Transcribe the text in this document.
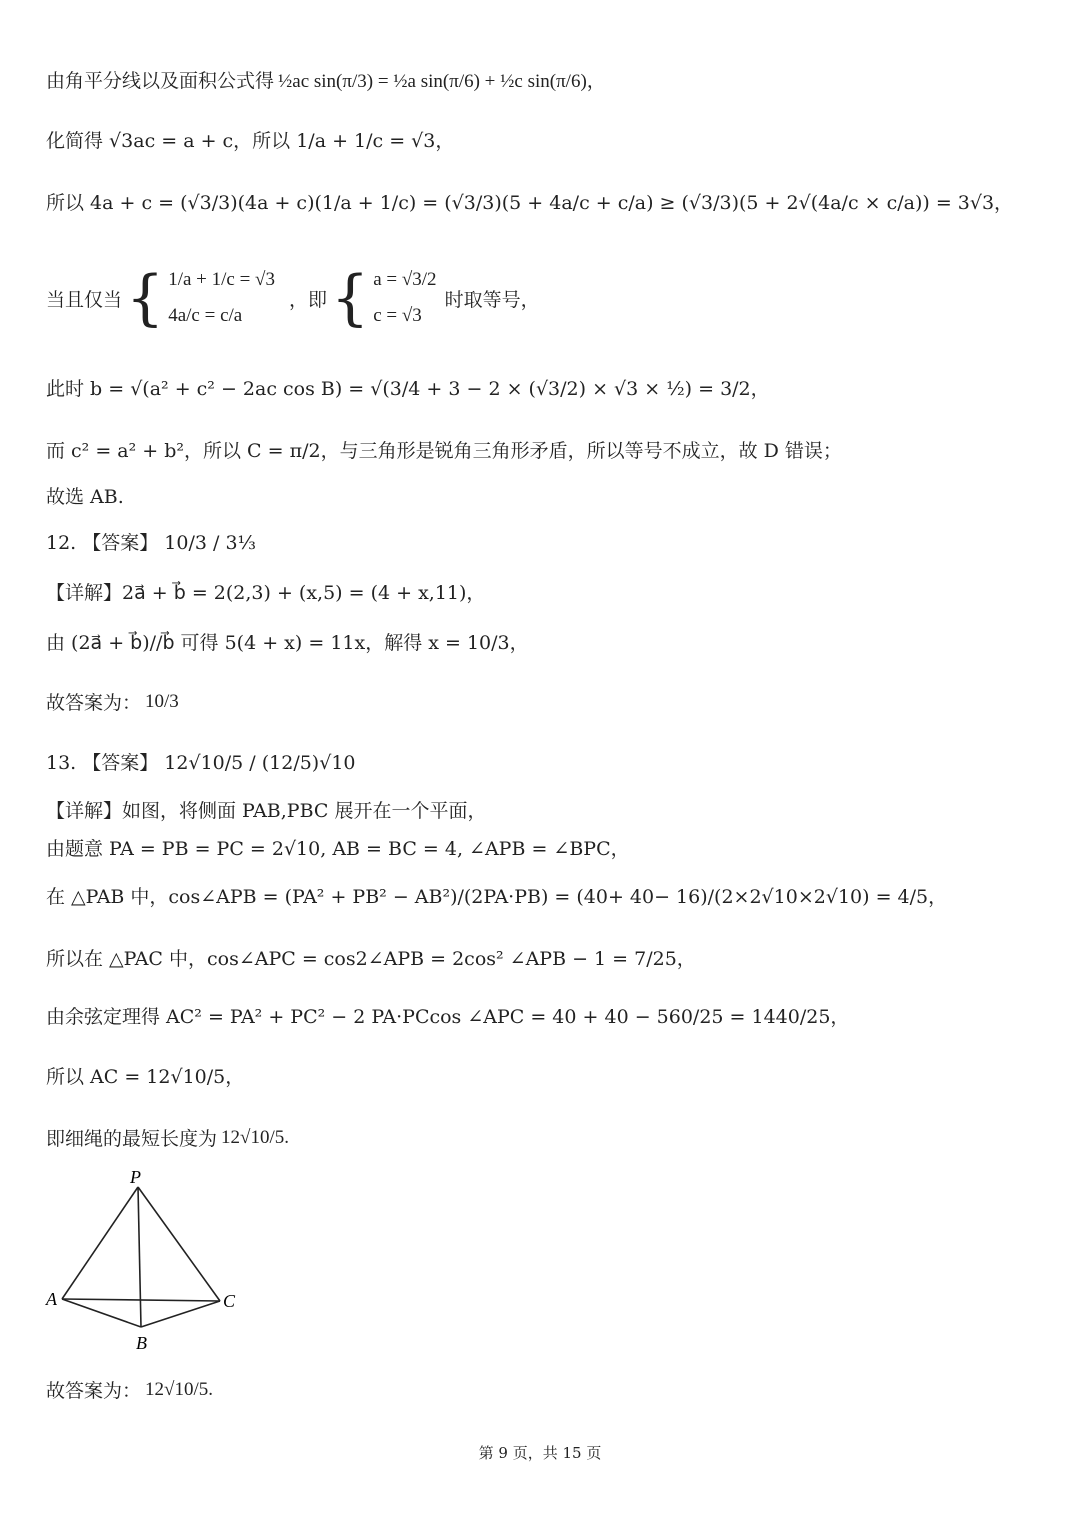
由角平分线以及面积公式得 ½ac sin(π/3) = ½a sin(π/6) + ½c sin(π/6)，
化简得 √3ac = a + c，所以 1/a + 1/c = √3，
所以 4a + c = (√3/3)(4a + c)(1/a + 1/c) = (√3/3)(5 + 4a/c + c/a) ≥ (√3/3)(5 + 2√(4a/c × c/a)) = 3√3，
当且仅当 { 1/a + 1/c = √3
4a/c = c/a
，即 { a = √3/2
c = √3
时取等号，
此时 b = √(a² + c² − 2ac cos B) = √(3/4 + 3 − 2 × (√3/2) × √3 × ½) = 3/2，
而 c² = a² + b²，所以 C = π/2，与三角形是锐角三角形矛盾，所以等号不成立，故 D 错误；
故选 AB.
12. 【答案】 10/3 / 3⅓
【详解】2a⃗ + b⃗ = 2(2,3) + (x,5) = (4 + x,11)，
由 (2a⃗ + b⃗)//b⃗ 可得 5(4 + x) = 11x，解得 x = 10/3，
故答案为： 10/3
13. 【答案】 12√10/5 / (12/5)√10
【详解】如图，将侧面 PAB,PBC 展开在一个平面，
由题意 PA = PB = PC = 2√10, AB = BC = 4, ∠APB = ∠BPC，
在 △PAB 中，cos∠APB = (PA² + PB² − AB²)/(2PA·PB) = (40+ 40− 16)/(2×2√10×2√10) = 4/5，
所以在 △PAC 中，cos∠APC = cos2∠APB = 2cos² ∠APB − 1 = 7/25，
由余弦定理得 AC² = PA² + PC² − 2 PA·PCcos ∠APC = 40 + 40 − 560/25 = 1440/25，
所以 AC = 12√10/5，
即细绳的最短长度为 12√10/5.
P
A
B
C
故答案为： 12√10/5.
第 9 页，共 15 页
